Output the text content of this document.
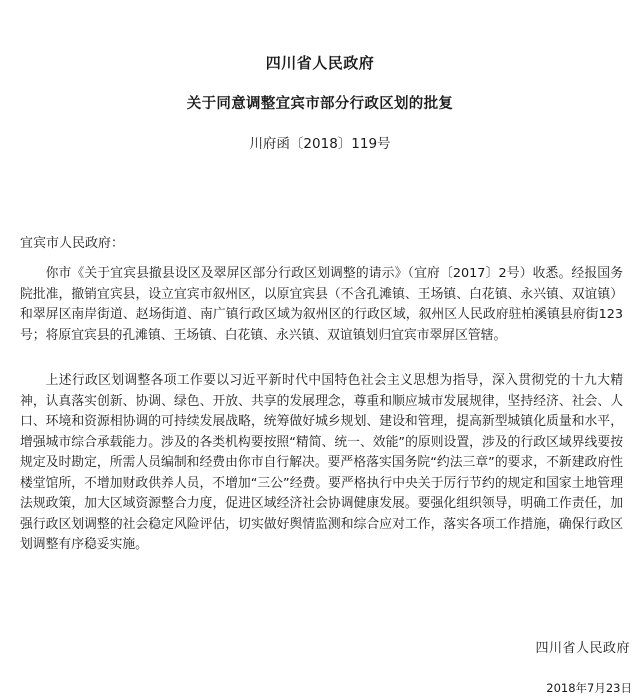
四川省人民政府
关于同意调整宜宾市部分行政区划的批复
川府函〔2018〕119号
宜宾市人民政府：

你市《关于宜宾县撤县设区及翠屏区部分行政区划调整的请示》（宜府〔2017〕2号）收悉。经报国务院批准，撤销宜宾县，设立宜宾市叙州区，以原宜宾县（不含孔滩镇、王场镇、白花镇、永兴镇、双谊镇）和翠屏区南岸街道、赵场街道、南广镇行政区域为叙州区的行政区域，叙州区人民政府驻柏溪镇县府街123号；将原宜宾县的孔滩镇、王场镇、白花镇、永兴镇、双谊镇划归宜宾市翠屏区管辖。

上述行政区划调整各项工作要以习近平新时代中国特色社会主义思想为指导，深入贯彻党的十九大精神，认真落实创新、协调、绿色、开放、共享的发展理念，尊重和顺应城市发展规律，坚持经济、社会、人口、环境和资源相协调的可持续发展战略，统筹做好城乡规划、建设和管理，提高新型城镇化质量和水平，增强城市综合承载能力。涉及的各类机构要按照“精简、统一、效能”的原则设置，涉及的行政区域界线要按规定及时勘定，所需人员编制和经费由你市自行解决。要严格落实国务院“约法三章”的要求，不新建政府性楼堂馆所，不增加财政供养人员，不增加“三公”经费。要严格执行中央关于厉行节约的规定和国家土地管理法规政策，加大区域资源整合力度，促进区域经济社会协调健康发展。要强化组织领导，明确工作责任，加强行政区划调整的社会稳定风险评估，切实做好舆情监测和综合应对工作，落实各项工作措施，确保行政区划调整有序稳妥实施。

四川省人民政府
2018年7月23日
